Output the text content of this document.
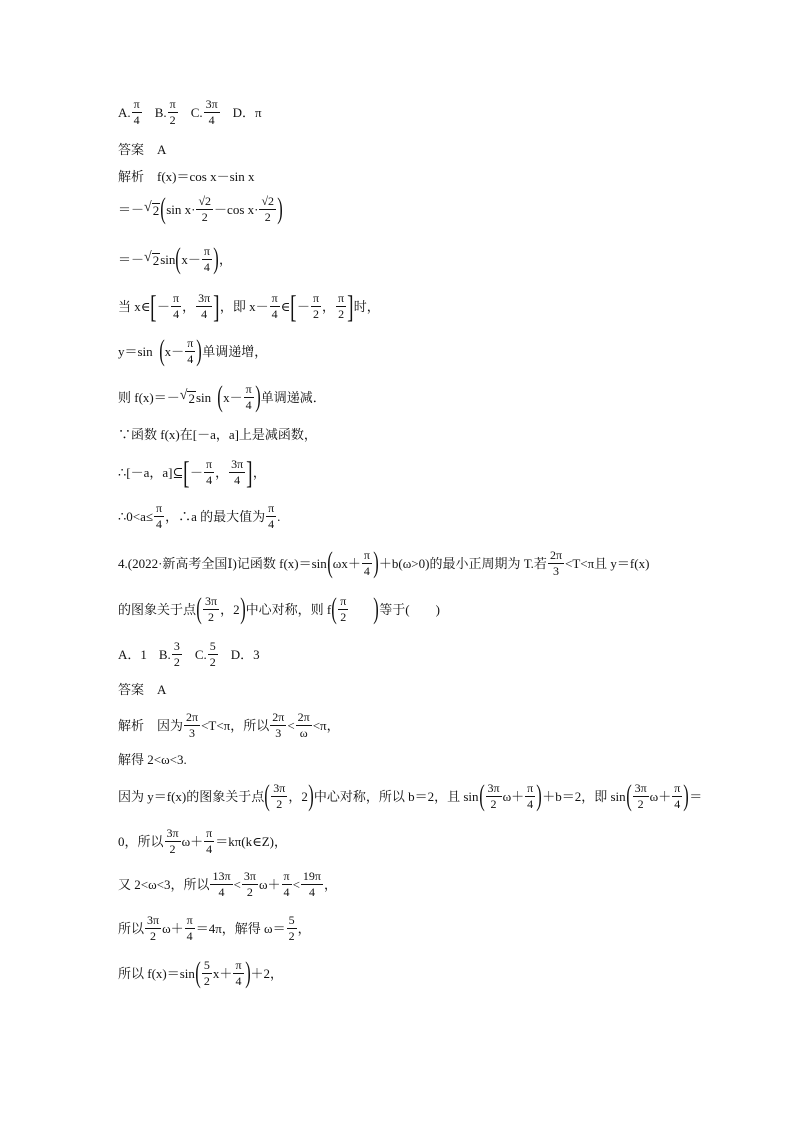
A. $\frac{\pi}{4} B$. $\frac{\pi}{2} C$. $\frac{3\pi}{4}$ D．π
答案　A
解析　f(x)＝cos x－sin x
＝－ √ 2 ( $\sin x\cdot \frac{√2}{2} -\cos$ $x\cdot \frac{√2}{2}$ )
＝－ √ 2 sin ( $x- \frac{\pi}{4}$ ) ，
当 x∈ [ － $\frac{\pi}{4}$ ， $\frac{3\pi}{4}$ ] ，即 $x- \frac{\pi}{4}$ ∈ [ － $\frac{\pi}{2}$ ， $\frac{\pi}{2}$ ] 时，
y＝sin ( $x- \frac{\pi}{4}$ ) 单调递增，
则 f(x)＝－ √ 2 sin ( $x- \frac{\pi}{4}$ ) 单调递减．
∵函数 f(x)在[－a，a]上是减函数，
∴[－a，a]⊆ [ － $\frac{\pi}{4}$ ， $\frac{3\pi}{4}$ ] ，
∴0<a≤ $\frac{\pi}{4}$ ，∴a 的最大值为 $\frac{\pi}{4}$ .
4.(2022·新高考全国Ⅰ)记函数 f(x)＝sin ( $\omega x+ \frac{\pi}{4}$ ) ＋b(ω>0)的最小正周期为 T.若 $\frac{2\pi}{3} <T<\pi$且 y＝f(x)
的图象关于点 ( $\frac{3\pi}{2}$ ，2 ) 中心对称，则 f ( $\frac{\pi}{2}$ ) 等于(　　)
A．1 B. $\frac{3}{2} C$. $\frac{5}{2}$ D．3
答案　A
解析　因为 $\frac{2\pi}{3} <T<\pi$，所以 $\frac{2\pi}{3} < \frac{2\pi}{\omega} <\pi$，
解得 2<ω<3.
因为 y＝f(x)的图象关于点 ( $\frac{3\pi}{2}$ ，2 ) 中心对称，所以 b＝2，且 sin ( $\frac{3\pi}{2} \omega+ \frac{\pi}{4}$ ) ＋b＝2，即 sin ( $\frac{3\pi}{2} \omega+ \frac{\pi}{4}$ ) ＝
0，所以 $\frac{3\pi}{2} \omega+ \frac{\pi}{4}$ ＝kπ(k∈Z)，
又 2<ω<3，所以 $\frac{13\pi}{4} < \frac{3\pi}{2} \omega+ \frac{\pi}{4} < \frac{19\pi}{4}$ ，
所以 $\frac{3\pi}{2} \omega+ \frac{\pi}{4} =4\pi$，解得 $\omega= \frac{5}{2}$ ，
所以 f(x)＝sin ( $\frac{5}{2} x+ \frac{\pi}{4}$ ) ＋2，
